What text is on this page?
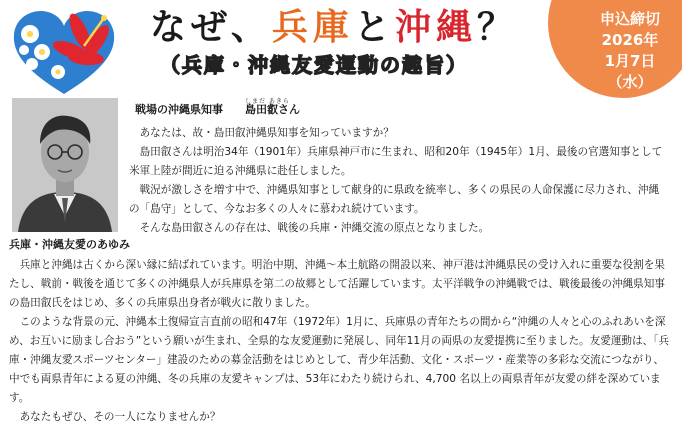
なぜ、兵庫と沖縄？
（兵庫・沖縄友愛運動の趣旨）
申込締切
2026年
1月7日
（水）
戦場の沖縄県知事
しまだ あきら
島田叡さん

あなたは、故・島田叡沖縄県知事を知っていますか？

島田叡さんは明治34年（1901年）兵庫県神戸市に生まれ、昭和20年（1945年）1月、最後の官選知事として米軍上陸が間近に迫る沖縄県に赴任しました。

戦況が激しさを増す中で、沖縄県知事として献身的に県政を統率し、多くの県民の人命保護に尽力され、沖縄の「島守」として、今なお多くの人々に慕われ続けています。

そんな島田叡さんの存在は、戦後の兵庫・沖縄交流の原点となりました。

兵庫・沖縄友愛のあゆみ

兵庫と沖縄は古くから深い縁に結ばれています。明治中期、沖縄～本土航路の開設以来、神戸港は沖縄県民の受け入れに重要な役割を果たし、戦前・戦後を通じて多くの沖縄県人が兵庫県を第二の故郷として活躍しています。太平洋戦争の沖縄戦では、戦後最後の沖縄県知事の島田叡氏をはじめ、多くの兵庫県出身者が戦火に散りました。

このような背景の元、沖縄本土復帰宣言直前の昭和47年（1972年）1月に、兵庫県の青年たちの間から“沖縄の人々と心のふれあいを深め、お互いに励まし合おう”という願いが生まれ、全県的な友愛運動に発展し、同年11月の両県の友愛提携に至りました。友愛運動は、「兵庫・沖縄友愛スポーツセンター」建設のための募金活動をはじめとして、青少年活動、文化・スポーツ・産業等の多彩な交流につながり、中でも両県青年による夏の沖縄、冬の兵庫の友愛キャンプは、53年にわたり続けられ、4,700 名以上の両県青年が友愛の絆を深めています。

あなたもぜひ、その一人になりませんか？
